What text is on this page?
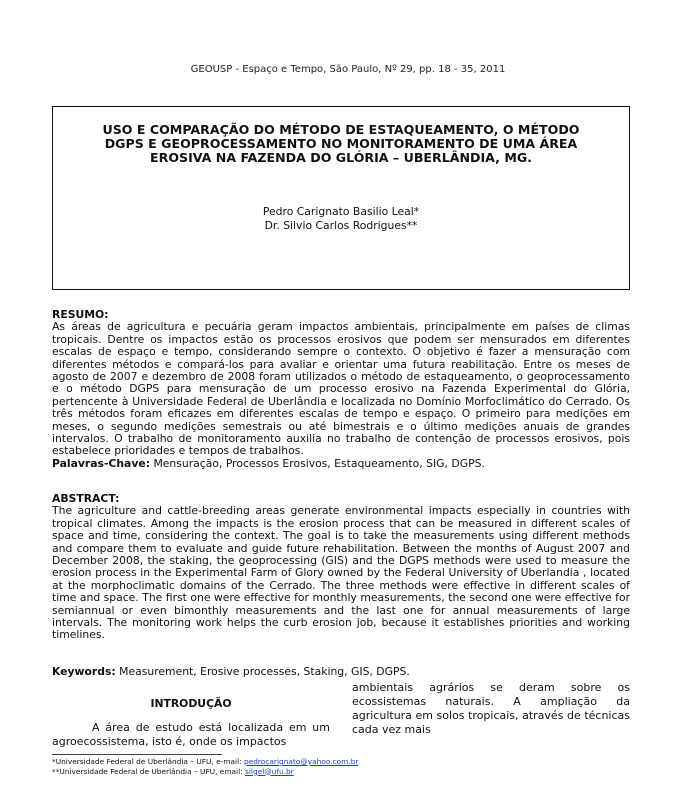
GEOUSP - Espaço e Tempo, São Paulo, Nº 29, pp. 18 - 35, 2011
USO E COMPARAÇÃO DO MÉTODO DE ESTAQUEAMENTO, O MÉTODO
DGPS E GEOPROCESSAMENTO NO MONITORAMENTO DE UMA ÁREA
EROSIVA NA FAZENDA DO GLÓRIA – UBERLÂNDIA, MG.
Pedro Carignato Basilio Leal*
Dr. Silvio Carlos Rodrigues**
RESUMO:

As áreas de agricultura e pecuária geram impactos ambientais, principalmente em países de climas tropicais. Dentre os impactos estão os processos erosivos que podem ser mensurados em diferentes escalas de espaço e tempo, considerando sempre o contexto. O objetivo é fazer a mensuração com diferentes métodos e compará-los para avaliar e orientar uma futura reabilitação. Entre os meses de agosto de 2007 e dezembro de 2008 foram utilizados o método de estaqueamento, o geoprocessamento e o método DGPS para mensuração de um processo erosivo na Fazenda Experimental do Glória, pertencente à Universidade Federal de Uberlândia e localizada no Domínio Morfoclimático do Cerrado. Os três métodos foram eficazes em diferentes escalas de tempo e espaço. O primeiro para medições em meses, o segundo medições semestrais ou até bimestrais e o último medições anuais de grandes intervalos. O trabalho de monitoramento auxilia no trabalho de contenção de processos erosivos, pois estabelece prioridades e tempos de trabalhos.

Palavras-Chave: Mensuração, Processos Erosivos, Estaqueamento, SIG, DGPS.
ABSTRACT:

The agriculture and cattle-breeding areas generate environmental impacts especially in countries with tropical climates. Among the impacts is the erosion process that can be measured in different scales of space and time, considering the context. The goal is to take the measurements using different methods and compare them to evaluate and guide future rehabilitation. Between the months of August 2007 and December 2008, the staking, the geoprocessing (GIS) and the DGPS methods were used to measure the erosion process in the Experimental Farm of Glory owned by the Federal University of Uberlandia , located at the morphoclimatic domains of the Cerrado. The three methods were effective in different scales of time and space. The first one were effective for monthly measurements, the second one were effective for semiannual or even bimonthly measurements and the last one for annual measurements of large intervals. The monitoring work helps the curb erosion job, because it establishes priorities and working timelines.

Keywords: Measurement, Erosive processes, Staking, GIS, DGPS.
INTRODUÇÃO
A área de estudo está localizada em um agroecossistema, isto é, onde os impactos
ambientais agrários se deram sobre os ecossistemas naturais. A ampliação da agricultura em solos tropicais, através de técnicas cada vez mais
*Universidade Federal de Uberlândia – UFU, e-mail: pedrocarignato@yahoo.com.br
**Universidade Federal de Uberlândia – UFU, email: silgel@ufu.br
